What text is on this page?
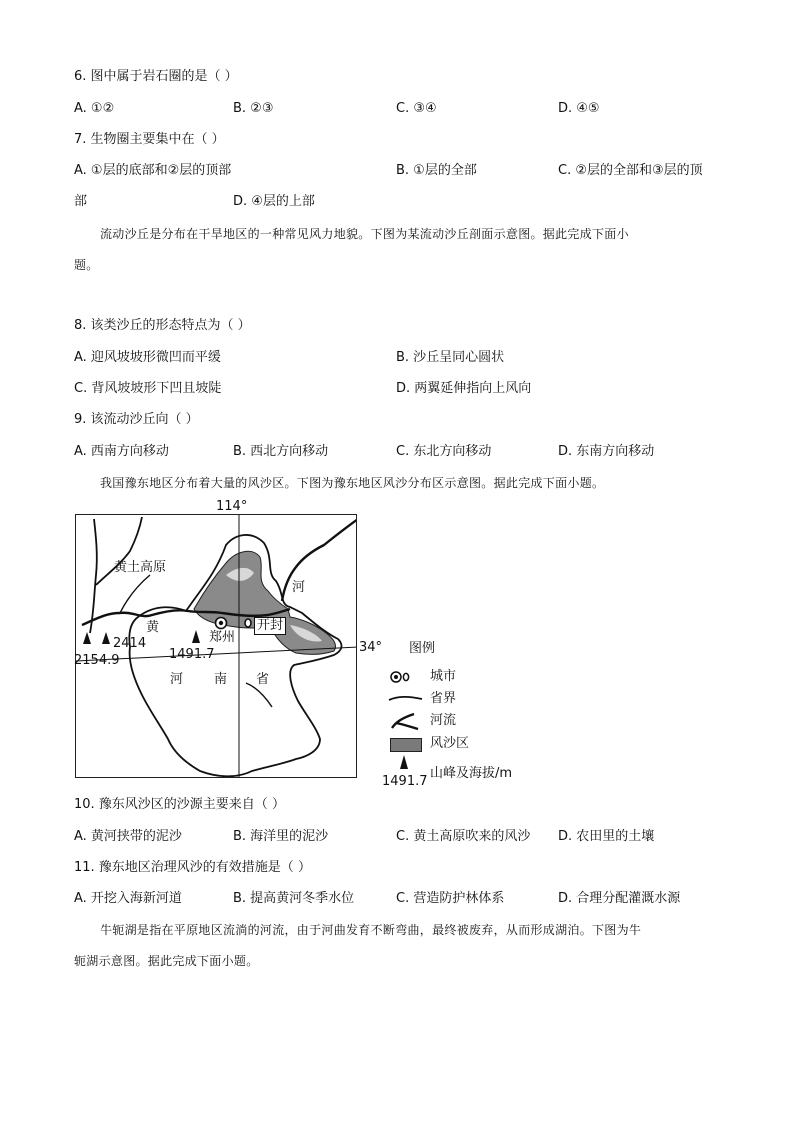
6. 图中属于岩石圈的是（ ）
A. ①②	B. ②③	C. ③④	D. ④⑤
7. 生物圈主要集中在（ ）
A. ①层的底部和②层的顶部	B. ①层的全部	C. ②层的全部和③层的顶
部	D. ④层的上部
流动沙丘是分布在干旱地区的一种常见风力地貌。下图为某流动沙丘剖面示意图。据此完成下面小
题。
8. 该类沙丘的形态特点为（ ）
A. 迎风坡坡形微凹而平缓	B. 沙丘呈同心圆状
C. 背风坡坡形下凹且坡陡	D. 两翼延伸指向上风向
9. 该流动沙丘向（ ）
A. 西南方向移动	B. 西北方向移动	C. 东北方向移动	D. 东南方向移动
我国豫东地区分布着大量的风沙区。下图为豫东地区风沙分布区示意图。据此完成下面小题。
黄土高原
黄
河
河 南 省
郑州
开封
2414
1491.7
114°
34°
2154.9
图例
城市
省界
河流
风沙区
山峰及海拔/m
1491.7
10. 豫东风沙区的沙源主要来自（ ）
A. 黄河挟带的泥沙	B. 海洋里的泥沙	C. 黄土高原吹来的风沙 D. 农田里的土壤
11. 豫东地区治理风沙的有效措施是（ ）
A. 开挖入海新河道	B. 提高黄河冬季水位	C. 营造防护林体系	D. 合理分配灌溉水源
牛轭湖是指在平原地区流淌的河流，由于河曲发育不断弯曲，最终被废弃，从而形成湖泊。下图为牛
轭湖示意图。据此完成下面小题。
